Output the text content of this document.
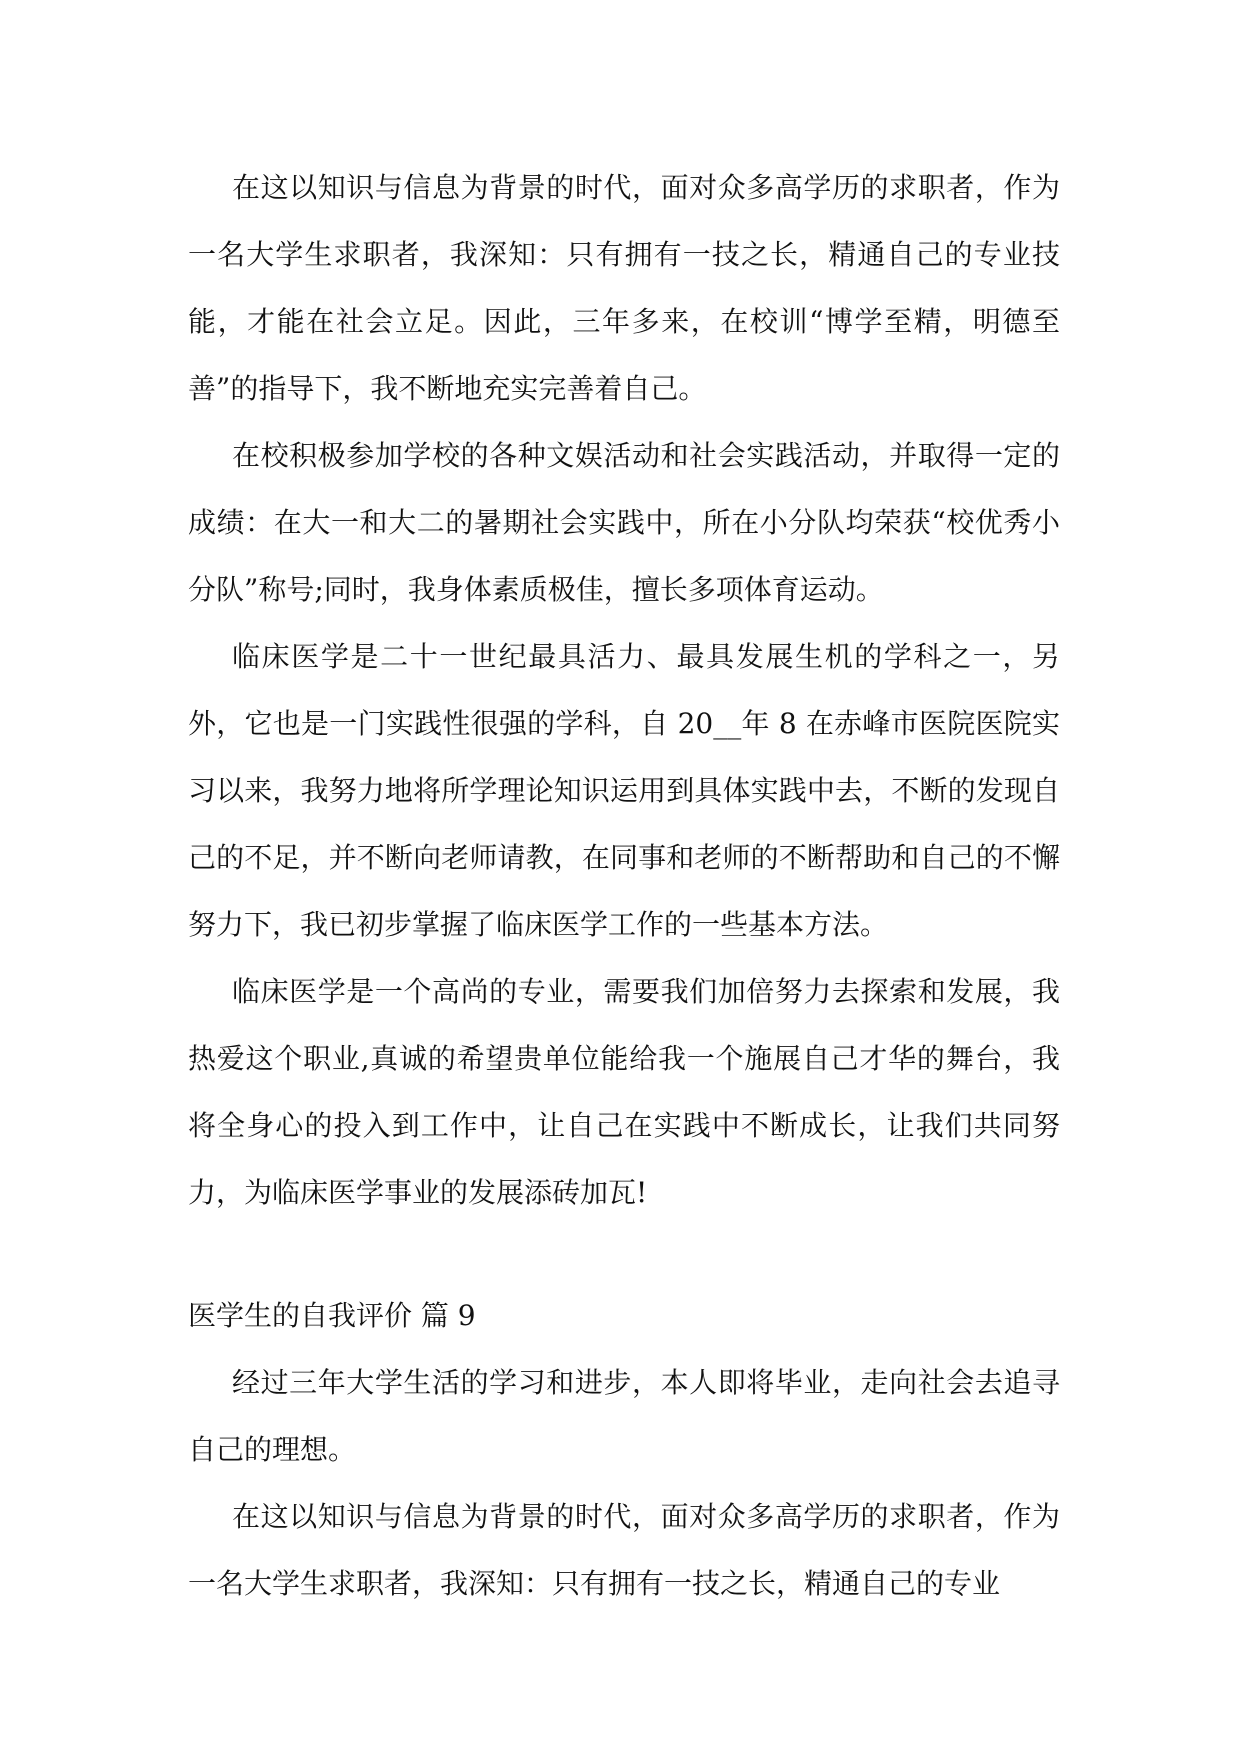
在这以知识与信息为背景的时代，面对众多高学历的求职者，作为一名大学生求职者，我深知：只有拥有一技之长，精通自己的专业技能，才能在社会立足。因此，三年多来，在校训“博学至精，明德至善”的指导下，我不断地充实完善着自己。

在校积极参加学校的各种文娱活动和社会实践活动，并取得一定的成绩：在大一和大二的暑期社会实践中，所在小分队均荣获“校优秀小分队”称号;同时，我身体素质极佳，擅长多项体育运动。

临床医学是二十一世纪最具活力、最具发展生机的学科之一，另外，它也是一门实践性很强的学科，自 20__年 8 在赤峰市医院医院实习以来，我努力地将所学理论知识运用到具体实践中去，不断的发现自己的不足，并不断向老师请教，在同事和老师的不断帮助和自己的不懈努力下，我已初步掌握了临床医学工作的一些基本方法。

临床医学是一个高尚的专业，需要我们加倍努力去探索和发展，我热爱这个职业,真诚的希望贵单位能给我一个施展自己才华的舞台，我将全身心的投入到工作中，让自己在实践中不断成长，让我们共同努力，为临床医学事业的发展添砖加瓦!

医学生的自我评价 篇 9

经过三年大学生活的学习和进步，本人即将毕业，走向社会去追寻自己的理想。

在这以知识与信息为背景的时代，面对众多高学历的求职者，作为一名大学生求职者，我深知：只有拥有一技之长，精通自己的专业
